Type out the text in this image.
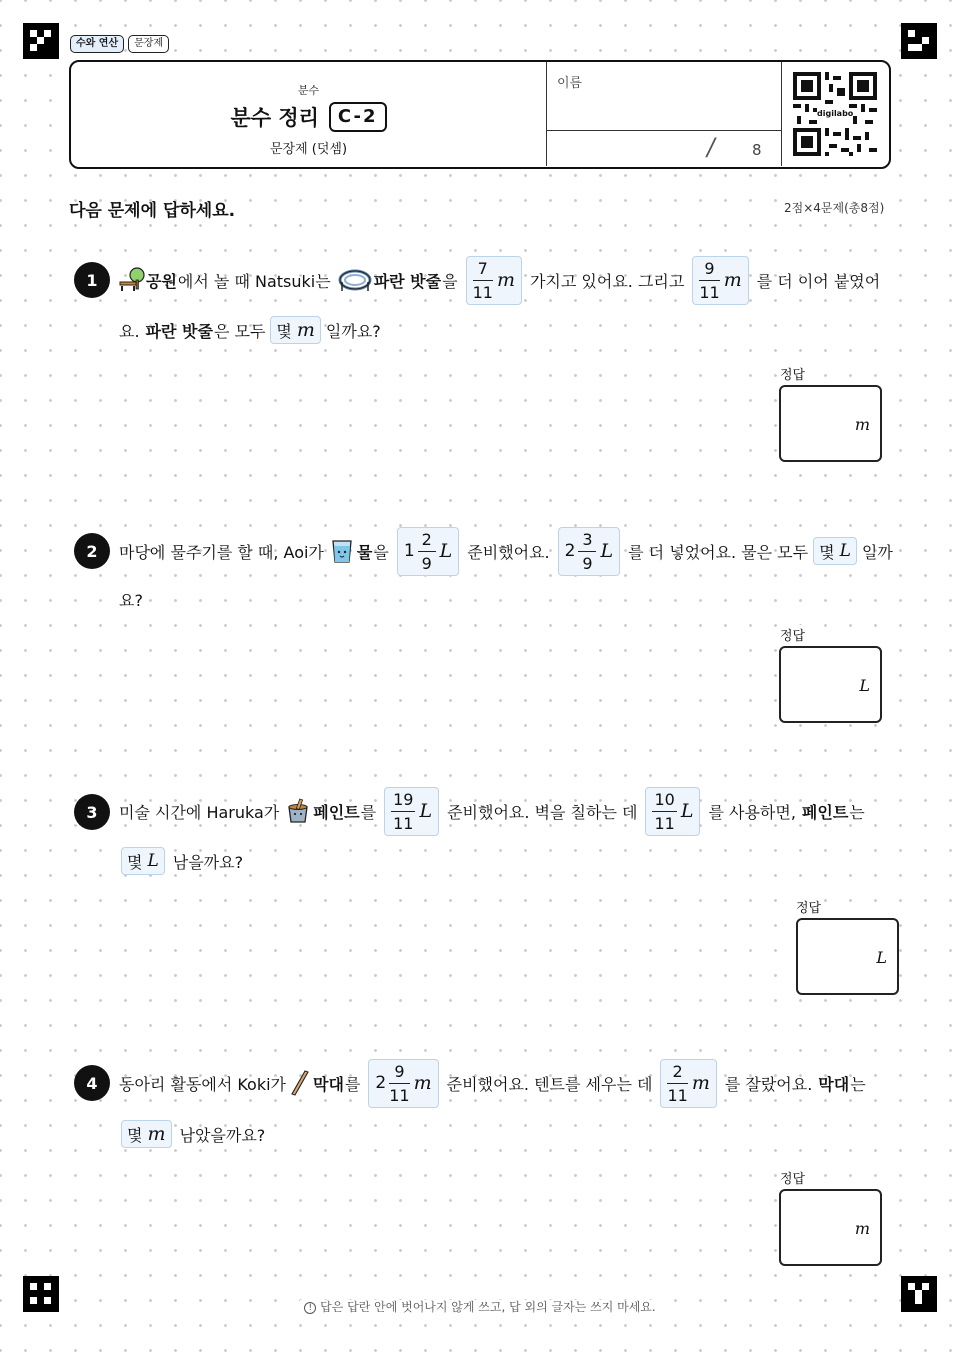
수와 연산	문장제
분수
분수 정리	C-2
문장제 (덧셈)
이름
/ 8
digilabo
다음 문제에 답하세요.	2점×4문제(총8점)
1	공원 에서 놀 때 Natsuki는	파란 밧줄 을 $\frac{7}{11}$ m 가지고 있어요. 그리고 $\frac{9}{11}$ m 를 더 이어 붙였어
요. 파란 밧줄 은 모두 몇 m 일까요?
정답
m
2	마당에 물주기를 할 때, Aoi가 물 을 $1 \frac{2}{9}$ L 준비했어요. $2 \frac{3}{9}$ L 를 더 넣었어요. 물은 모두 몇 L 일까
요?
정답
L
3	미술 시간에 Haruka가 페인트 를 $\frac{19}{11}$ L 준비했어요. 벽을 칠하는 데 $\frac{10}{11}$ L 를 사용하면, 페인트 는
몇 L 남을까요?
정답
L
4	동아리 활동에서 Koki가 막대 를 $2 \frac{9}{11}$ m 준비했어요. 텐트를 세우는 데 $\frac{2}{11}$ m 를 잘랐어요. 막대 는
몇 m 남았을까요?
정답
m
! 답은 답란 안에 벗어나지 않게 쓰고, 답 외의 글자는 쓰지 마세요.
